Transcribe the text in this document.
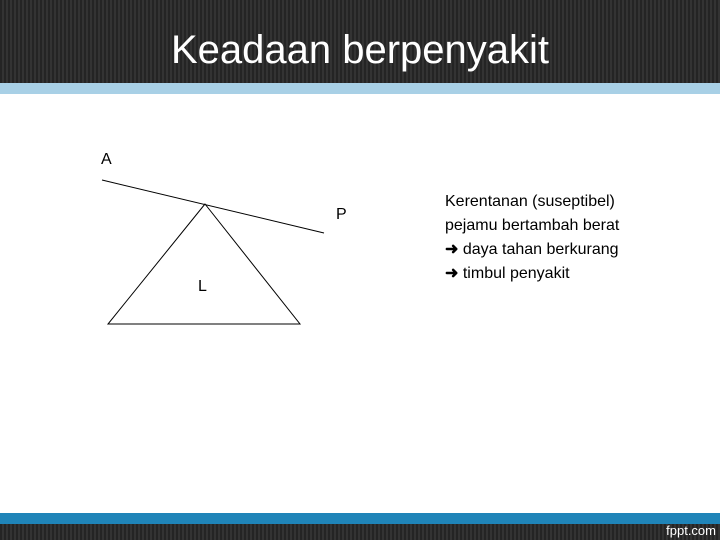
Keadaan berpenyakit
A
P
L
Kerentanan (suseptibel)
pejamu bertambah berat
➜ daya tahan berkurang
➜ timbul penyakit
fppt.com
